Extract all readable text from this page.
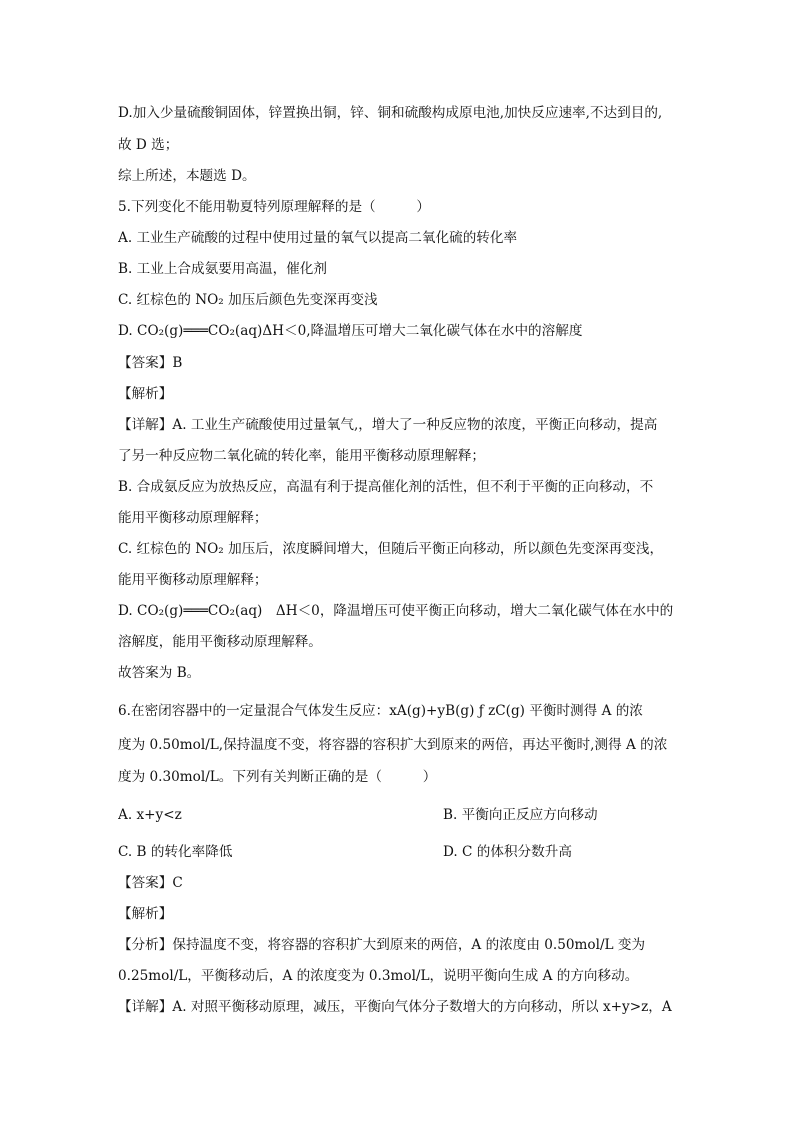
D.加入少量硫酸铜固体，锌置换出铜，锌、铜和硫酸构成原电池,加快反应速率,不达到目的,
故 D 选；
综上所述，本题选 D。
5.下列变化不能用勒夏特列原理解释的是（　　　）
A. 工业生产硫酸的过程中使用过量的氧气以提高二氧化硫的转化率
B. 工业上合成氨要用高温，催化剂
C. 红棕色的 NO₂ 加压后颜色先变深再变浅
D. CO₂(g)═══CO₂(aq)ΔH＜0,降温增压可增大二氧化碳气体在水中的溶解度
【答案】B
【解析】
【详解】A. 工业生产硫酸使用过量氧气,，增大了一种反应物的浓度，平衡正向移动，提高
了另一种反应物二氧化硫的转化率，能用平衡移动原理解释；
B. 合成氨反应为放热反应，高温有利于提高催化剂的活性，但不利于平衡的正向移动，不
能用平衡移动原理解释；
C. 红棕色的 NO₂ 加压后，浓度瞬间增大，但随后平衡正向移动，所以颜色先变深再变浅，
能用平衡移动原理解释；
D. CO₂(g)═══CO₂(aq)　ΔH＜0，降温增压可使平衡正向移动，增大二氧化碳气体在水中的
溶解度，能用平衡移动原理解释。
故答案为 B。
6.在密闭容器中的一定量混合气体发生反应：xA(g)+yB(g) ƒ zC(g) 平衡时测得 A 的浓
度为 0.50mol/L,保持温度不变，将容器的容积扩大到原来的两倍，再达平衡时,测得 A 的浓
度为 0.30mol/L。下列有关判断正确的是（　　　）
A. x+y<z	B. 平衡向正反应方向移动
C. B 的转化率降低	D. C 的体积分数升高
【答案】C
【解析】
【分析】保持温度不变，将容器的容积扩大到原来的两倍，A 的浓度由 0.50mol/L 变为
0.25mol/L，平衡移动后，A 的浓度变为 0.3mol/L，说明平衡向生成 A 的方向移动。
【详解】A. 对照平衡移动原理，减压，平衡向气体分子数增大的方向移动，所以 x+y>z，A
